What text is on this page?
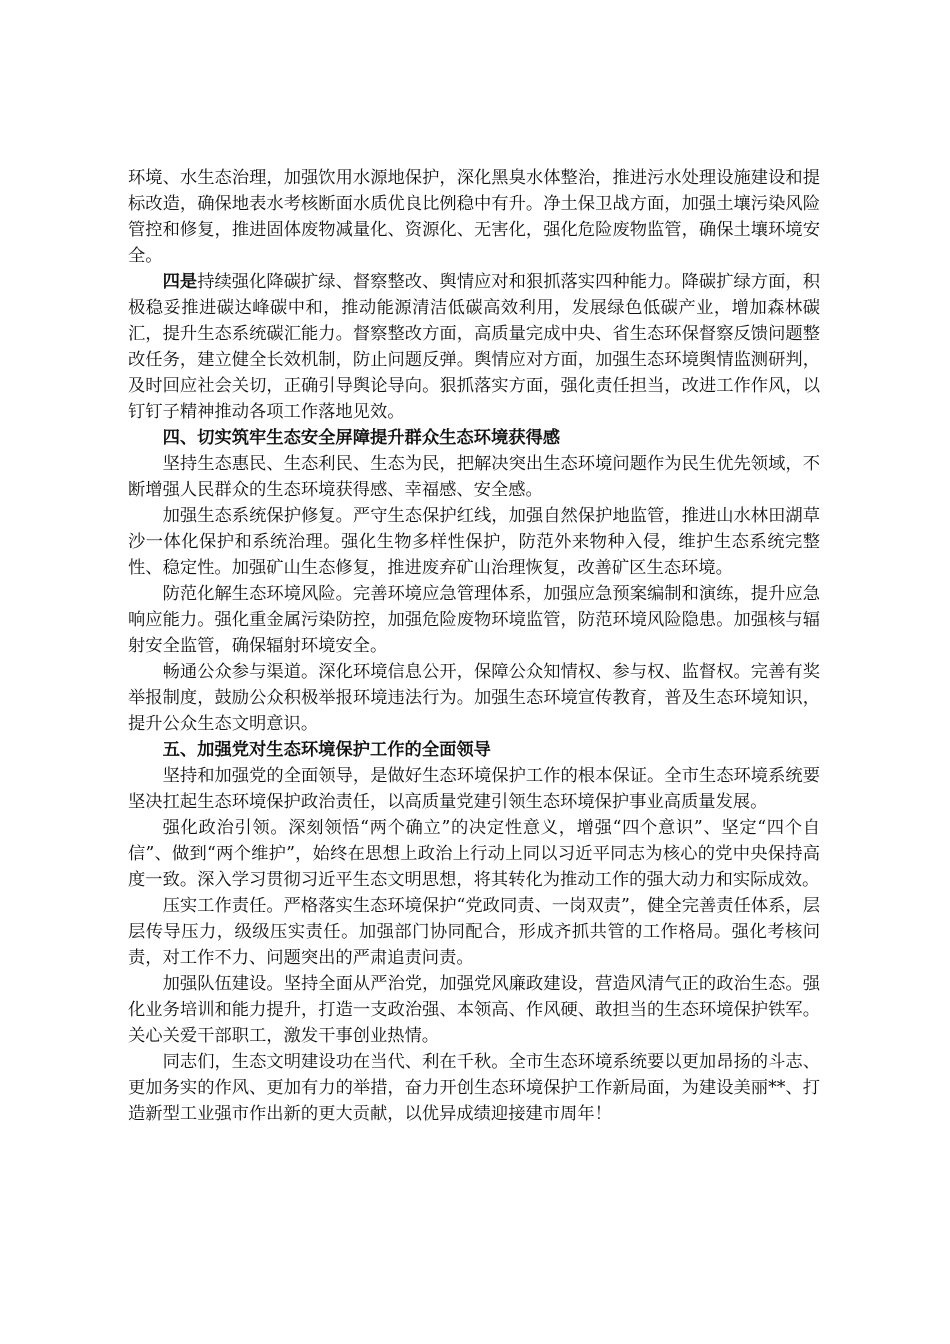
环境、水生态治理，加强饮用水源地保护，深化黑臭水体整治，推进污水处理设施建设和提标改造，确保地表水考核断面水质优良比例稳中有升。净土保卫战方面，加强土壤污染风险管控和修复，推进固体废物减量化、资源化、无害化，强化危险废物监管，确保土壤环境安全。

四是持续强化降碳扩绿、督察整改、舆情应对和狠抓落实四种能力。降碳扩绿方面，积极稳妥推进碳达峰碳中和，推动能源清洁低碳高效利用，发展绿色低碳产业，增加森林碳汇，提升生态系统碳汇能力。督察整改方面，高质量完成中央、省生态环保督察反馈问题整改任务，建立健全长效机制，防止问题反弹。舆情应对方面，加强生态环境舆情监测研判，及时回应社会关切，正确引导舆论导向。狠抓落实方面，强化责任担当，改进工作作风，以钉钉子精神推动各项工作落地见效。

四、切实筑牢生态安全屏障提升群众生态环境获得感

坚持生态惠民、生态利民、生态为民，把解决突出生态环境问题作为民生优先领域，不断增强人民群众的生态环境获得感、幸福感、安全感。

加强生态系统保护修复。严守生态保护红线，加强自然保护地监管，推进山水林田湖草沙一体化保护和系统治理。强化生物多样性保护，防范外来物种入侵，维护生态系统完整性、稳定性。加强矿山生态修复，推进废弃矿山治理恢复，改善矿区生态环境。

防范化解生态环境风险。完善环境应急管理体系，加强应急预案编制和演练，提升应急响应能力。强化重金属污染防控，加强危险废物环境监管，防范环境风险隐患。加强核与辐射安全监管，确保辐射环境安全。

畅通公众参与渠道。深化环境信息公开，保障公众知情权、参与权、监督权。完善有奖举报制度，鼓励公众积极举报环境违法行为。加强生态环境宣传教育，普及生态环境知识，提升公众生态文明意识。

五、加强党对生态环境保护工作的全面领导

坚持和加强党的全面领导，是做好生态环境保护工作的根本保证。全市生态环境系统要坚决扛起生态环境保护政治责任，以高质量党建引领生态环境保护事业高质量发展。

强化政治引领。深刻领悟“两个确立”的决定性意义，增强“四个意识”、坚定“四个自信”、做到“两个维护”，始终在思想上政治上行动上同以习近平同志为核心的党中央保持高度一致。深入学习贯彻习近平生态文明思想，将其转化为推动工作的强大动力和实际成效。

压实工作责任。严格落实生态环境保护“党政同责、一岗双责”，健全完善责任体系，层层传导压力，级级压实责任。加强部门协同配合，形成齐抓共管的工作格局。强化考核问责，对工作不力、问题突出的严肃追责问责。

加强队伍建设。坚持全面从严治党，加强党风廉政建设，营造风清气正的政治生态。强化业务培训和能力提升，打造一支政治强、本领高、作风硬、敢担当的生态环境保护铁军。关心关爱干部职工，激发干事创业热情。

同志们，生态文明建设功在当代、利在千秋。全市生态环境系统要以更加昂扬的斗志、更加务实的作风、更加有力的举措，奋力开创生态环境保护工作新局面，为建设美丽**、打造新型工业强市作出新的更大贡献，以优异成绩迎接建市周年！
